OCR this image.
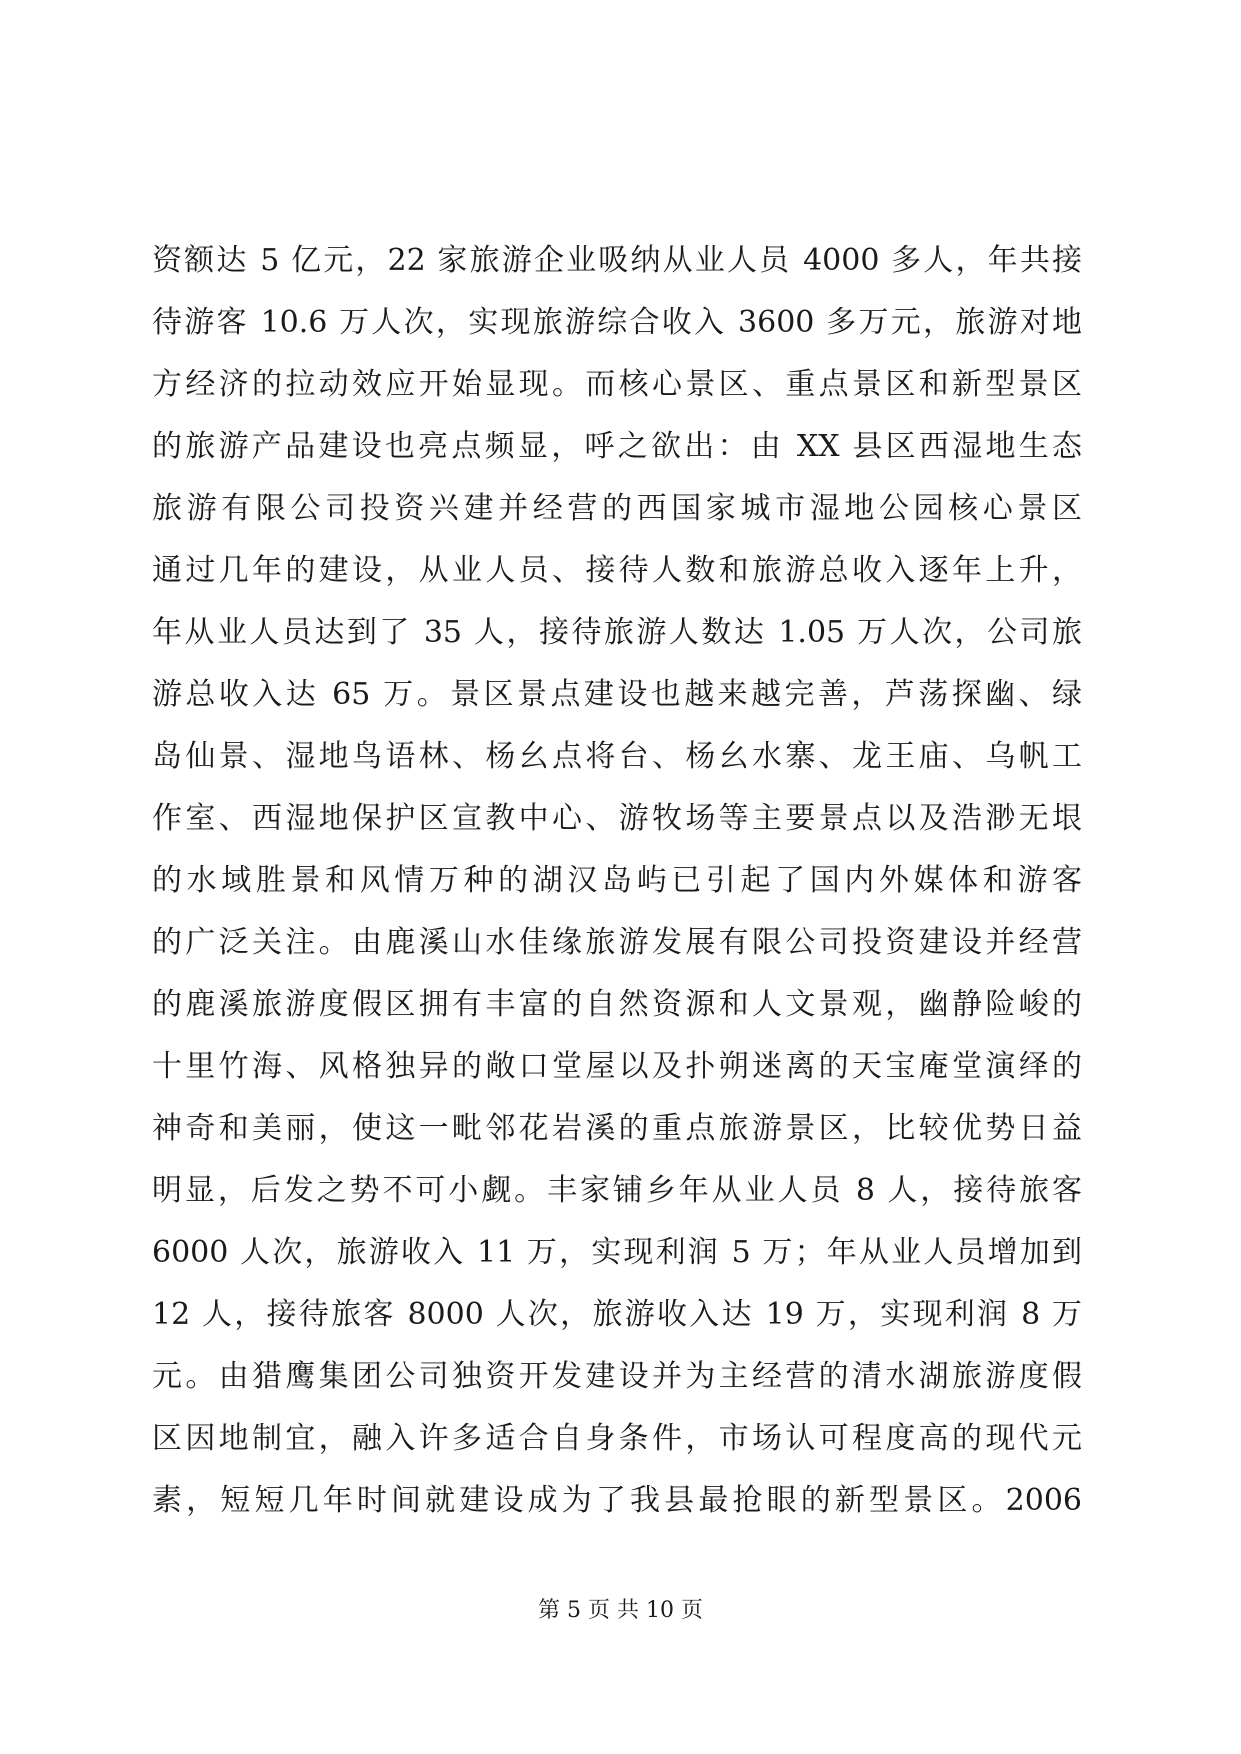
资额达 5 亿元，22 家旅游企业吸纳从业人员 4000 多人，年共接
待游客 10.6 万人次，实现旅游综合收入 3600 多万元，旅游对地
方经济的拉动效应开始显现。而核心景区、重点景区和新型景区
的旅游产品建设也亮点频显，呼之欲出：由 XX 县区西湿地生态
旅游有限公司投资兴建并经营的西国家城市湿地公园核心景区
通过几年的建设，从业人员、接待人数和旅游总收入逐年上升，
年从业人员达到了 35 人，接待旅游人数达 1.05 万人次，公司旅
游总收入达 65 万。景区景点建设也越来越完善，芦荡探幽、绿
岛仙景、湿地鸟语林、杨幺点将台、杨幺水寨、龙王庙、乌帆工
作室、西湿地保护区宣教中心、游牧场等主要景点以及浩渺无垠
的水域胜景和风情万种的湖汉岛屿已引起了国内外媒体和游客
的广泛关注。由鹿溪山水佳缘旅游发展有限公司投资建设并经营
的鹿溪旅游度假区拥有丰富的自然资源和人文景观，幽静险峻的
十里竹海、风格独异的敞口堂屋以及扑朔迷离的天宝庵堂演绎的
神奇和美丽，使这一毗邻花岩溪的重点旅游景区，比较优势日益
明显，后发之势不可小觑。丰家铺乡年从业人员 8 人，接待旅客
6000 人次，旅游收入 11 万，实现利润 5 万；年从业人员增加到
12 人，接待旅客 8000 人次，旅游收入达 19 万，实现利润 8 万
元。由猎鹰集团公司独资开发建设并为主经营的清水湖旅游度假
区因地制宜，融入许多适合自身条件，市场认可程度高的现代元
素，短短几年时间就建设成为了我县最抢眼的新型景区。2006
第 5 页 共 10 页
